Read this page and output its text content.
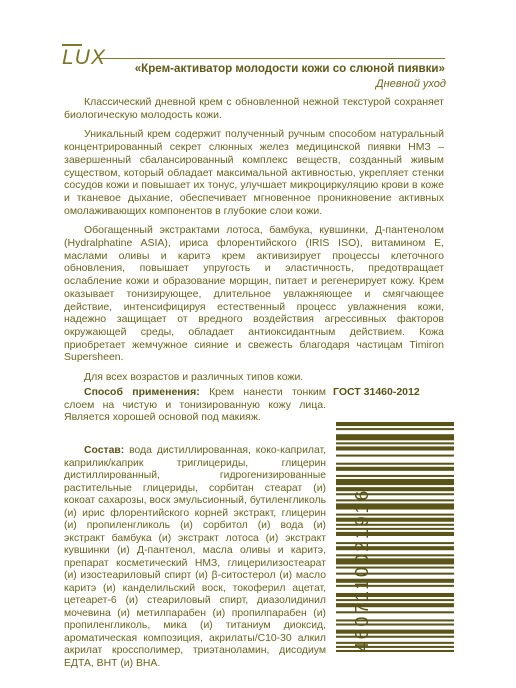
LUX	«Крем-активатор молодости кожи со слюной пиявки»
Дневной уход

Классический дневной крем с обновленной нежной текстурой сохраняет биологическую молодость кожи.

Уникальный крем содержит полученный ручным способом натуральный концентрированный секрет слюнных желез медицинской пиявки НМЗ – завершенный сбалансированный комплекс веществ, созданный живым существом, который обладает максимальной активностью, укрепляет стенки сосудов кожи и повышает их тонус, улучшает микроциркуляцию крови в коже и тканевое дыхание, обеспечивает мгновенное проникновение активных омолаживающих компонентов в глубокие слои кожи.

Обогащенный экстрактами лотоса, бамбука, кувшинки, Д-пантенолом (Hydralphatine ASIA), ириса флорентийского (IRIS ISO), витамином Е, маслами оливы и каритэ крем активизирует процессы клеточного обновления, повышает упругость и эластичность, предотвращает ослабление кожи и образование морщин, питает и регенерирует кожу. Крем оказывает тонизирующее, длительное увлажняющее и смягчающее действие, интенсифицируя естественный процесс увлажнения кожи, надежно защищает от вредного воздействия агрессивных факторов окружающей среды, обладает антиоксидантным действием. Кожа приобретает жемчужное сияние и свежесть благодаря частицам Timiron Supersheen.

Для всех возрастов и различных типов кожи.

Способ применения: Крем нанести тонким слоем на чистую и тонизированную кожу лица. Является хорошей основой под макияж.

Состав: вода дистиллированная, коко-каприлат, каприлик/каприк триглицериды, глицерин дистиллированный, гидрогенизированные растительные глицериды, сорбитан стеарат (и) кокоат сахарозы, воск эмульсионный, бутиленгликоль (и) ирис флорентийского корней экстракт, глицерин (и) пропиленгликоль (и) сорбитол (и) вода (и) экстракт бамбука (и) экстракт лотоса (и) экстракт кувшинки (и) Д-пантенол, масла оливы и каритэ, препарат косметический НМЗ, глицерилизостеарат (и) изостеариловый спирт (и) β-ситостерол (и) масло каритэ (и) канделильский воск, токоферил ацетат, цетеарет-6 (и) стеариловый спирт, диазолидинил мочевина (и) метилпарабен (и) пропилпарабен (и) пропиленгликоль, мика (и) титаниум диоксид, ароматическая композиция, акрилаты/C10-30 алкил акрилат кроссполимер, триэтаноламин, дисодиум ЕДТА, ВНТ (и) ВНА.

ГОСТ 31460-2012
4607110021916
